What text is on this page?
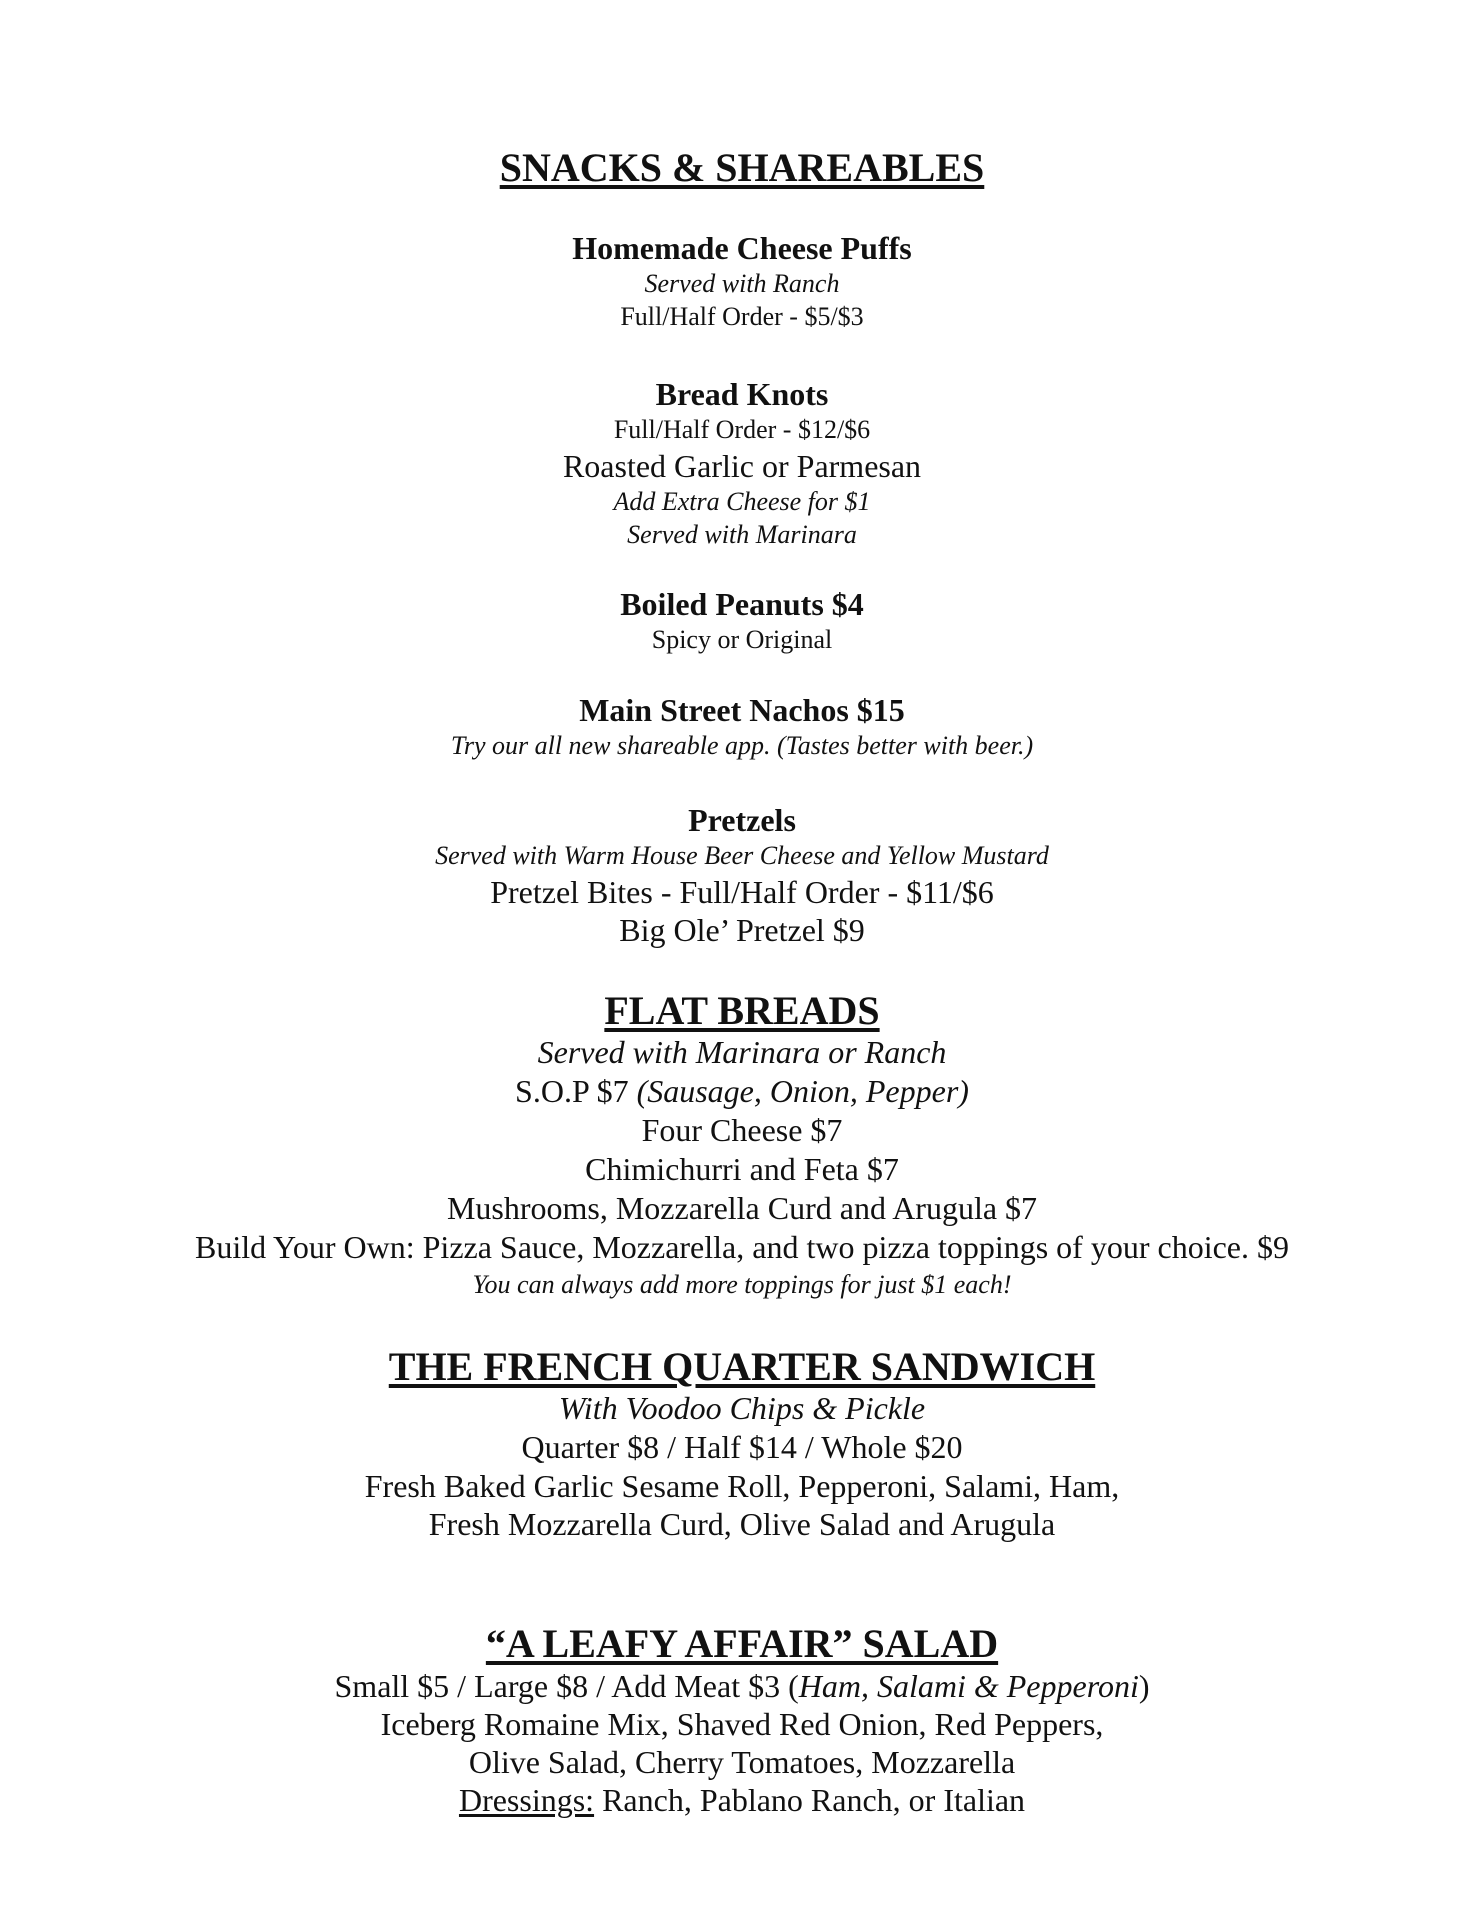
SNACKS & SHAREABLES
Homemade Cheese Puffs
Served with Ranch
Full/Half Order - $5/$3
Bread Knots
Full/Half Order - $12/$6
Roasted Garlic or Parmesan
Add Extra Cheese for $1
Served with Marinara
Boiled Peanuts $4
Spicy or Original
Main Street Nachos $15
Try our all new shareable app. (Tastes better with beer.)
Pretzels
Served with Warm House Beer Cheese and Yellow Mustard
Pretzel Bites - Full/Half Order - $11/$6
Big Ole’ Pretzel $9
FLAT BREADS
Served with Marinara or Ranch
S.O.P $7 (Sausage, Onion, Pepper)
Four Cheese $7
Chimichurri and Feta $7
Mushrooms, Mozzarella Curd and Arugula $7
Build Your Own: Pizza Sauce, Mozzarella, and two pizza toppings of your choice. $9
You can always add more toppings for just $1 each!
THE FRENCH QUARTER SANDWICH
With Voodoo Chips & Pickle
Quarter $8 / Half $14 / Whole $20
Fresh Baked Garlic Sesame Roll, Pepperoni, Salami, Ham,
Fresh Mozzarella Curd, Olive Salad and Arugula
“A LEAFY AFFAIR” SALAD
Small $5 / Large $8 / Add Meat $3 (Ham, Salami & Pepperoni)
Iceberg Romaine Mix, Shaved Red Onion, Red Peppers,
Olive Salad, Cherry Tomatoes, Mozzarella
Dressings: Ranch, Pablano Ranch, or Italian
